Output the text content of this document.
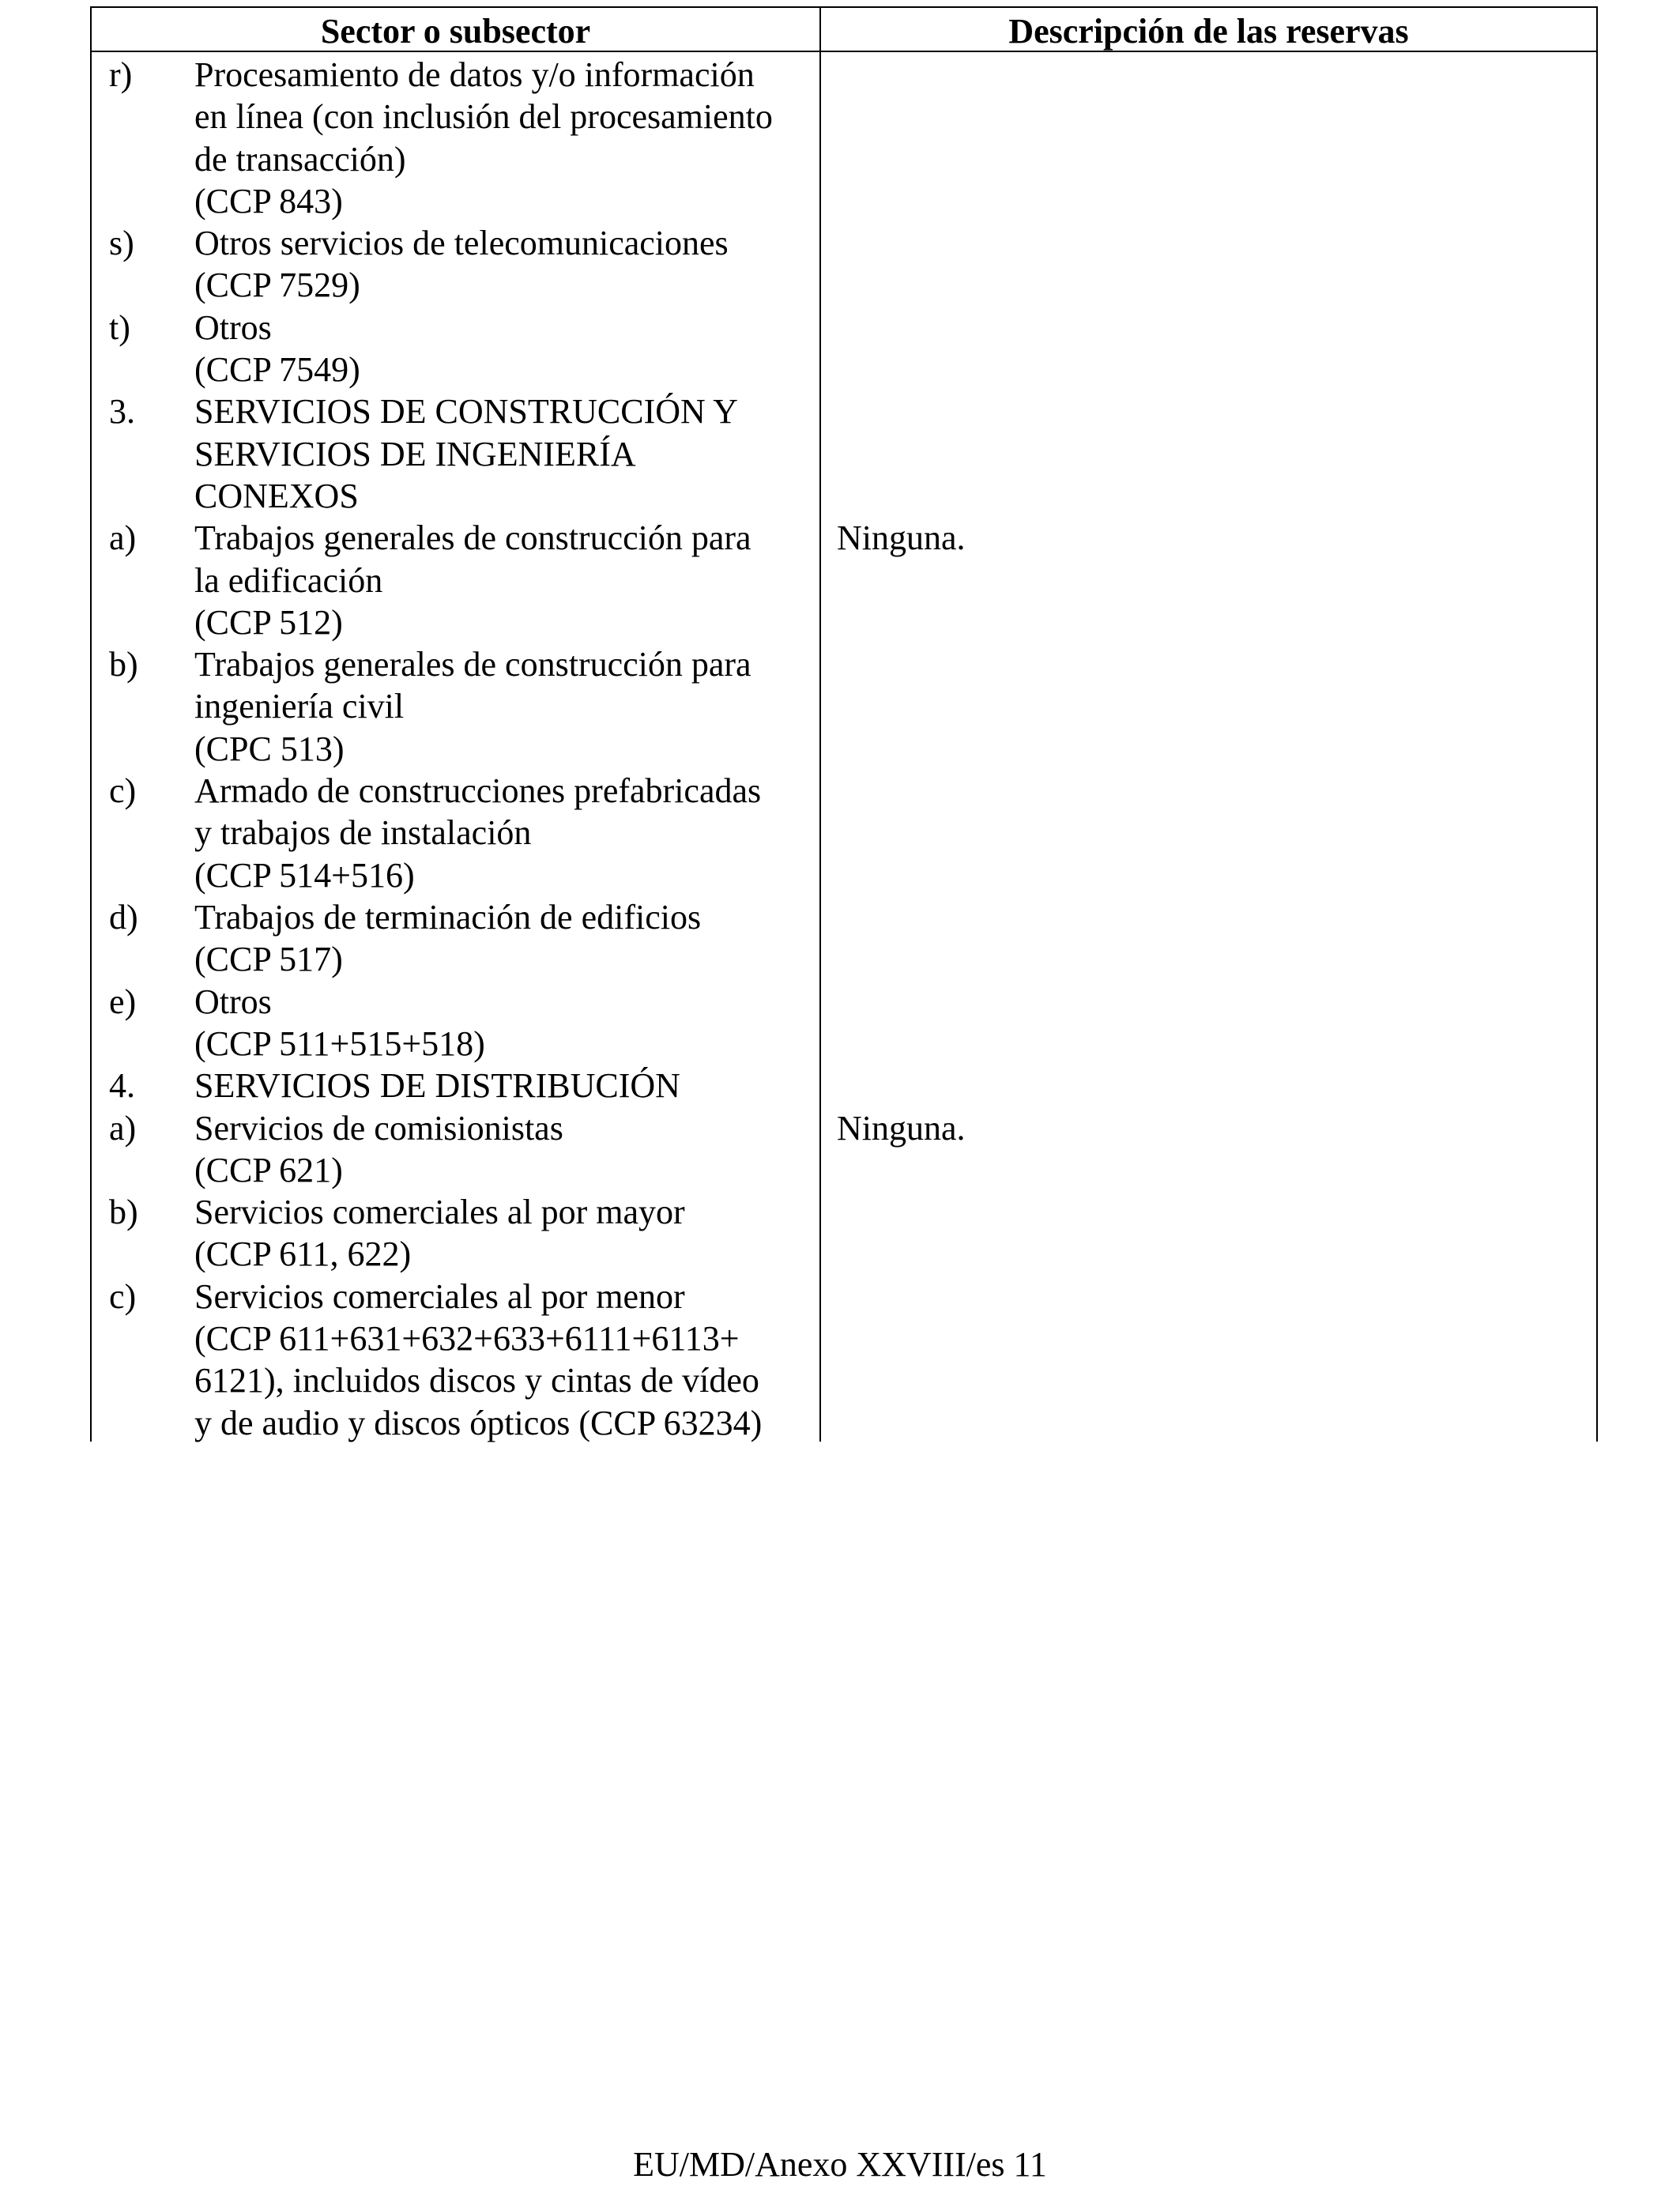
Sector o subsector	Descripción de las reservas
r) Procesamiento de datos y/o información
en línea (con inclusión del procesamiento
de transacción)
(CCP 843)
s) Otros servicios de telecomunicaciones
(CCP 7529)
t) Otros
(CCP 7549)
3. SERVICIOS DE CONSTRUCCIÓN Y
SERVICIOS DE INGENIERÍA
CONEXOS
a) Trabajos generales de construcción para
la edificación
(CCP 512)
b) Trabajos generales de construcción para
ingeniería civil
(CPC 513)
c) Armado de construcciones prefabricadas
y trabajos de instalación
(CCP 514+516)
d) Trabajos de terminación de edificios
(CCP 517)
e) Otros
(CCP 511+515+518)
4. SERVICIOS DE DISTRIBUCIÓN
a) Servicios de comisionistas
(CCP 621)
b) Servicios comerciales al por mayor
(CCP 611, 622)
c) Servicios comerciales al por menor
(CCP 611+631+632+633+6111+6113+
6121), incluidos discos y cintas de vídeo
y de audio y discos ópticos (CCP 63234)
Ninguna.
Ninguna.
EU/MD/Anexo XXVIII/es 11
